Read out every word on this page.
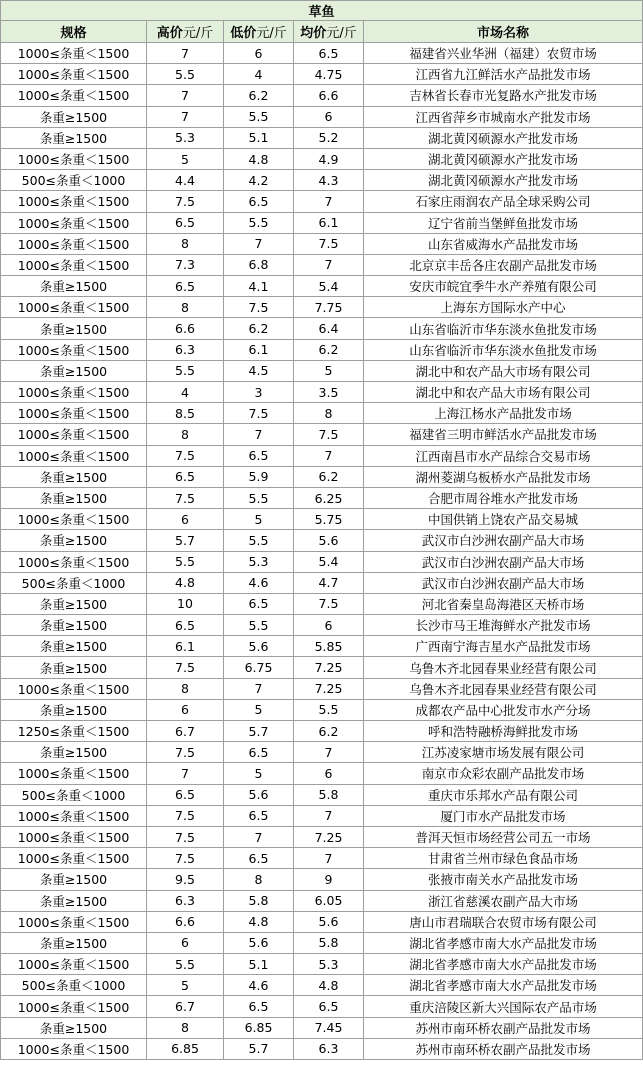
草鱼				
规格	高价元/斤	低价元/斤	均价元/斤	市场名称
1000≤条重＜1500	7	6	6.5	福建省兴业华洲（福建）农贸市场
1000≤条重＜1500	5.5	4	4.75	江西省九江鲜活水产品批发市场
1000≤条重＜1500	7	6.2	6.6	吉林省长春市光复路水产批发市场
条重≥1500	7	5.5	6	江西省萍乡市城南水产批发市场
条重≥1500	5.3	5.1	5.2	湖北黄冈硕源水产批发市场
1000≤条重＜1500	5	4.8	4.9	湖北黄冈硕源水产批发市场
500≤条重＜1000	4.4	4.2	4.3	湖北黄冈硕源水产批发市场
1000≤条重＜1500	7.5	6.5	7	石家庄雨润农产品全球采购公司
1000≤条重＜1500	6.5	5.5	6.1	辽宁省前当堡鲜鱼批发市场
1000≤条重＜1500	8	7	7.5	山东省威海水产品批发市场
1000≤条重＜1500	7.3	6.8	7	北京京丰岳各庄农副产品批发市场
条重≥1500	6.5	4.1	5.4	安庆市皖宜季牛水产养殖有限公司
1000≤条重＜1500	8	7.5	7.75	上海东方国际水产中心
条重≥1500	6.6	6.2	6.4	山东省临沂市华东淡水鱼批发市场
1000≤条重＜1500	6.3	6.1	6.2	山东省临沂市华东淡水鱼批发市场
条重≥1500	5.5	4.5	5	湖北中和农产品大市场有限公司
1000≤条重＜1500	4	3	3.5	湖北中和农产品大市场有限公司
1000≤条重＜1500	8.5	7.5	8	上海江杨水产品批发市场
1000≤条重＜1500	8	7	7.5	福建省三明市鲜活水产品批发市场
1000≤条重＜1500	7.5	6.5	7	江西南昌市水产品综合交易市场
条重≥1500	6.5	5.9	6.2	湖州菱湖乌板桥水产品批发市场
条重≥1500	7.5	5.5	6.25	合肥市周谷堆水产批发市场
1000≤条重＜1500	6	5	5.75	中国供销上饶农产品交易城
条重≥1500	5.7	5.5	5.6	武汉市白沙洲农副产品大市场
1000≤条重＜1500	5.5	5.3	5.4	武汉市白沙洲农副产品大市场
500≤条重＜1000	4.8	4.6	4.7	武汉市白沙洲农副产品大市场
条重≥1500	10	6.5	7.5	河北省秦皇岛海港区天桥市场
条重≥1500	6.5	5.5	6	长沙市马王堆海鲜水产批发市场
条重≥1500	6.1	5.6	5.85	广西南宁海吉星水产品批发市场
条重≥1500	7.5	6.75	7.25	乌鲁木齐北园春果业经营有限公司
1000≤条重＜1500	8	7	7.25	乌鲁木齐北园春果业经营有限公司
条重≥1500	6	5	5.5	成都农产品中心批发市水产分场
1250≤条重＜1500	6.7	5.7	6.2	呼和浩特融桥海鲜批发市场
条重≥1500	7.5	6.5	7	江苏凌家塘市场发展有限公司
1000≤条重＜1500	7	5	6	南京市众彩农副产品批发市场
500≤条重＜1000	6.5	5.6	5.8	重庆市乐邦水产品有限公司
1000≤条重＜1500	7.5	6.5	7	厦门市水产品批发市场
1000≤条重＜1500	7.5	7	7.25	普洱天恒市场经营公司五一市场
1000≤条重＜1500	7.5	6.5	7	甘肃省兰州市绿色食品市场
条重≥1500	9.5	8	9	张掖市南关水产品批发市场
条重≥1500	6.3	5.8	6.05	浙江省慈溪农副产品大市场
1000≤条重＜1500	6.6	4.8	5.6	唐山市君瑞联合农贸市场有限公司
条重≥1500	6	5.6	5.8	湖北省孝感市南大水产品批发市场
1000≤条重＜1500	5.5	5.1	5.3	湖北省孝感市南大水产品批发市场
500≤条重＜1000	5	4.6	4.8	湖北省孝感市南大水产品批发市场
1000≤条重＜1500	6.7	6.5	6.5	重庆涪陵区新大兴国际农产品市场
条重≥1500	8	6.85	7.45	苏州市南环桥农副产品批发市场
1000≤条重＜1500	6.85	5.7	6.3	苏州市南环桥农副产品批发市场
